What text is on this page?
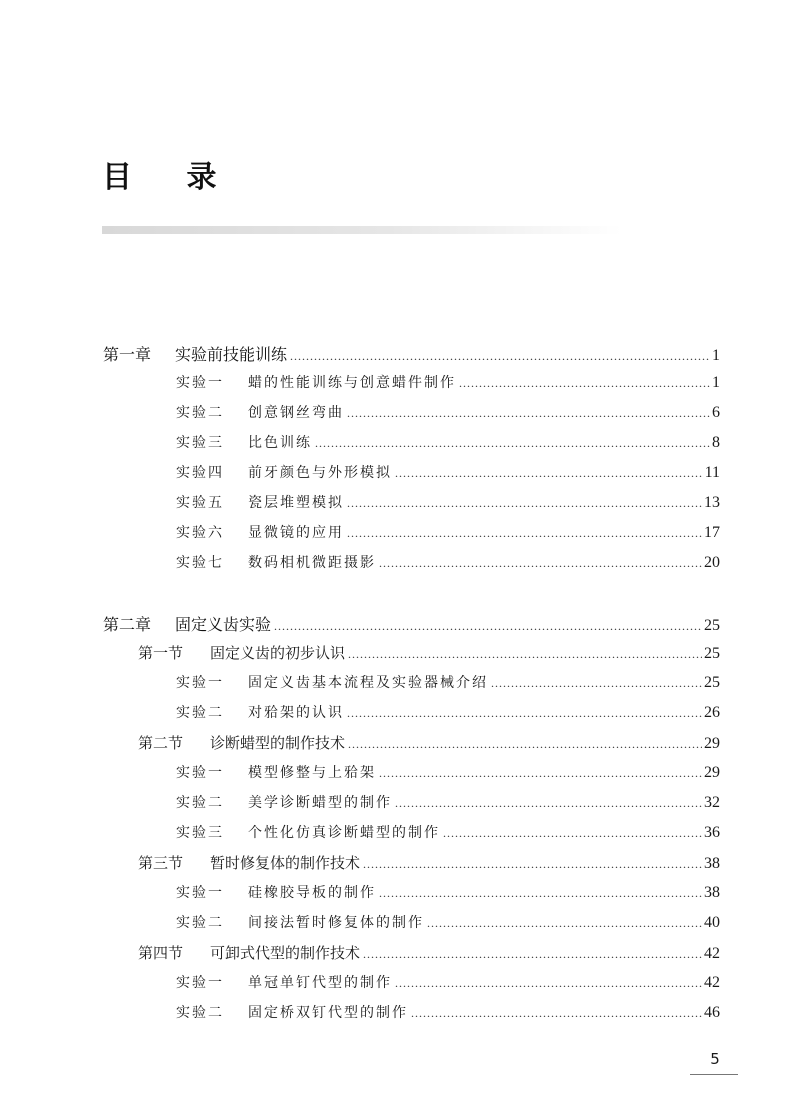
目 录
第一章	实验前技能训练 .....	1
实验一	蜡的性能训练与创意蜡件制作 .....	1
实验二	创意钢丝弯曲 .....	6
实验三	比色训练 .....	8
实验四	前牙颜色与外形模拟 .....	11
实验五	瓷层堆塑模拟 .....	13
实验六	显微镜的应用 .....	17
实验七	数码相机微距摄影 .....	20
第二章	固定义齿实验 .....	25
第一节	固定义齿的初步认识 .....	25
实验一	固定义齿基本流程及实验器械介绍 .....	25
实验二	对𬌗架的认识 .....	26
第二节	诊断蜡型的制作技术 .....	29
实验一	模型修整与上𬌗架 .....	29
实验二	美学诊断蜡型的制作 .....	32
实验三	个性化仿真诊断蜡型的制作 .....	36
第三节	暂时修复体的制作技术 .....	38
实验一	硅橡胶导板的制作 .....	38
实验二	间接法暂时修复体的制作 .....	40
第四节	可卸式代型的制作技术 .....	42
实验一	单冠单钉代型的制作 .....	42
实验二	固定桥双钉代型的制作 .....	46
5
